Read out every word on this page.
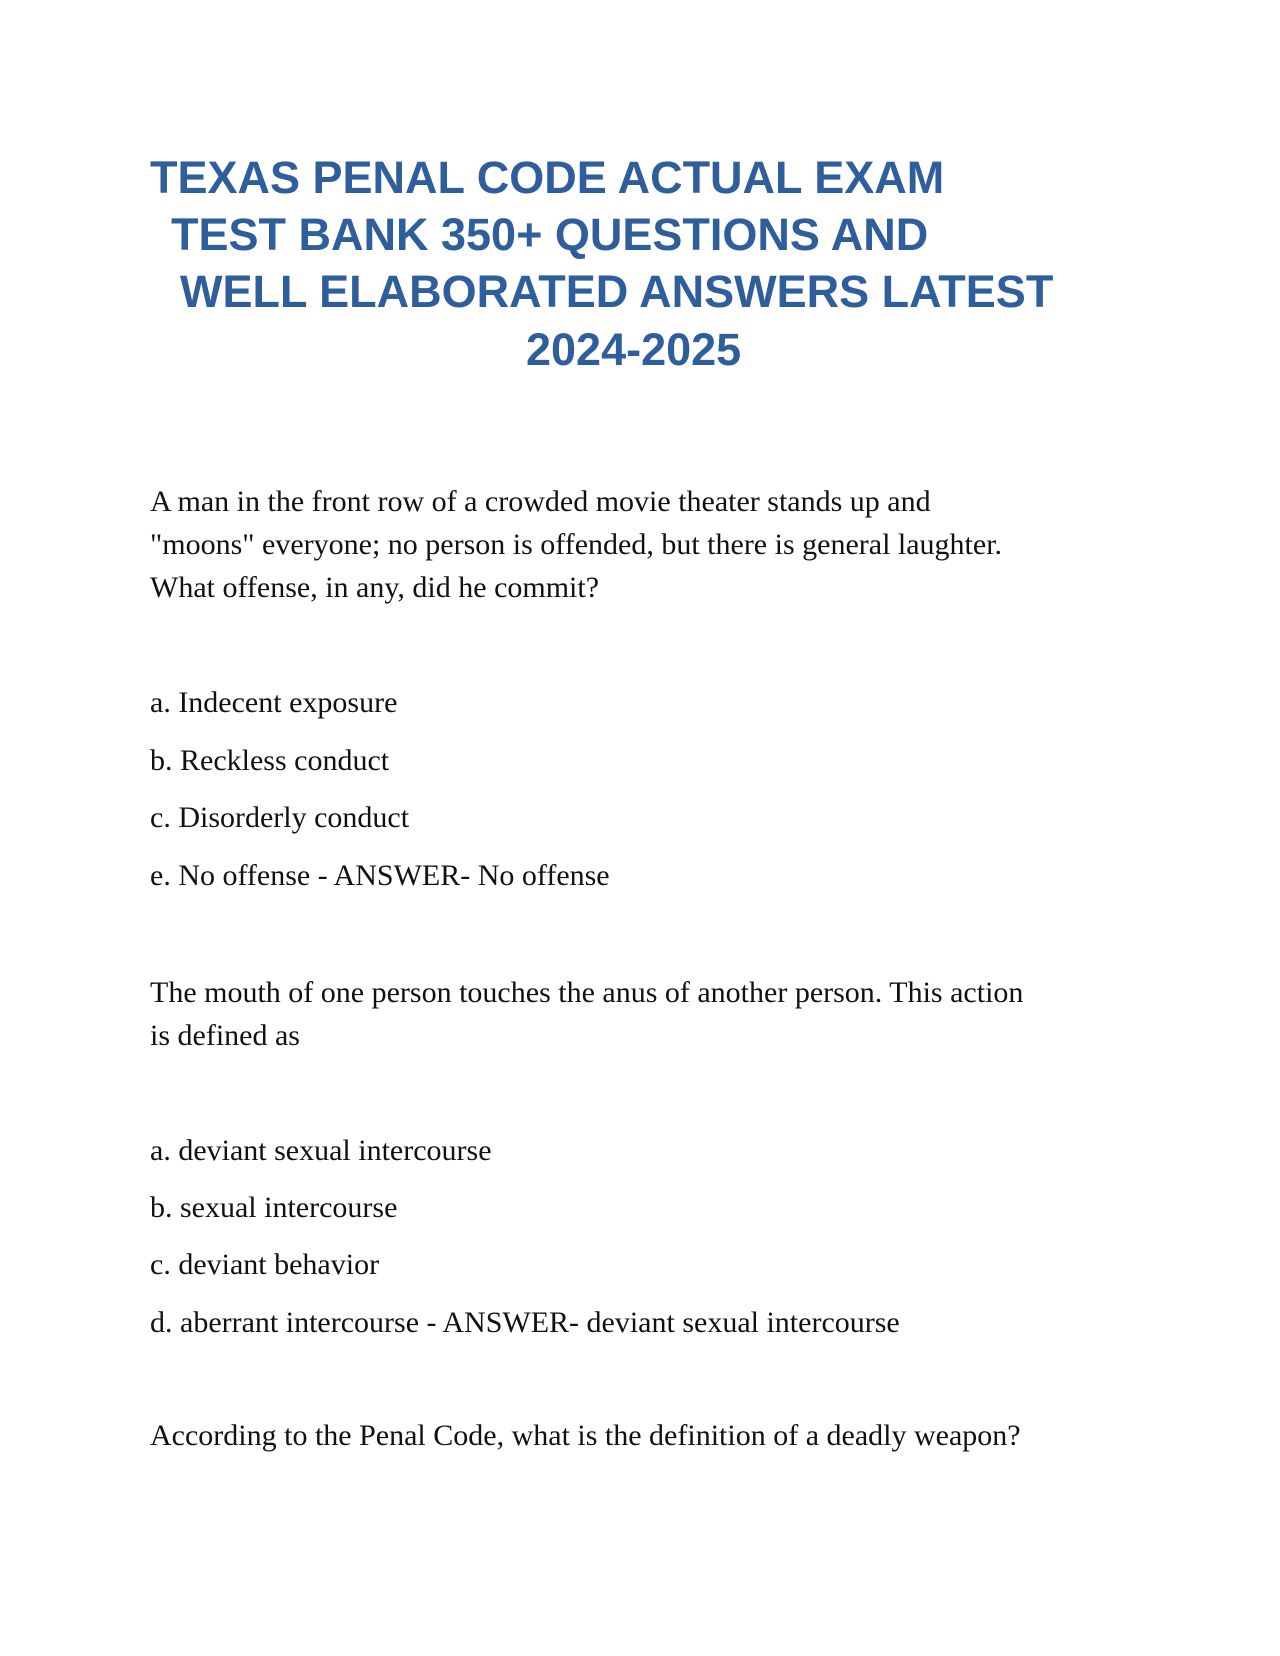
TEXAS PENAL CODE ACTUAL EXAM
TEST BANK 350+ QUESTIONS AND
WELL ELABORATED ANSWERS LATEST
2024-2025
A man in the front row of a crowded movie theater stands up and
"moons" everyone; no person is offended, but there is general laughter.
What offense, in any, did he commit?
a. Indecent exposure
b. Reckless conduct
c. Disorderly conduct
e. No offense - ANSWER- No offense
The mouth of one person touches the anus of another person. This action
is defined as
a. deviant sexual intercourse
b. sexual intercourse
c. deviant behavior
d. aberrant intercourse - ANSWER- deviant sexual intercourse
According to the Penal Code, what is the definition of a deadly weapon?
